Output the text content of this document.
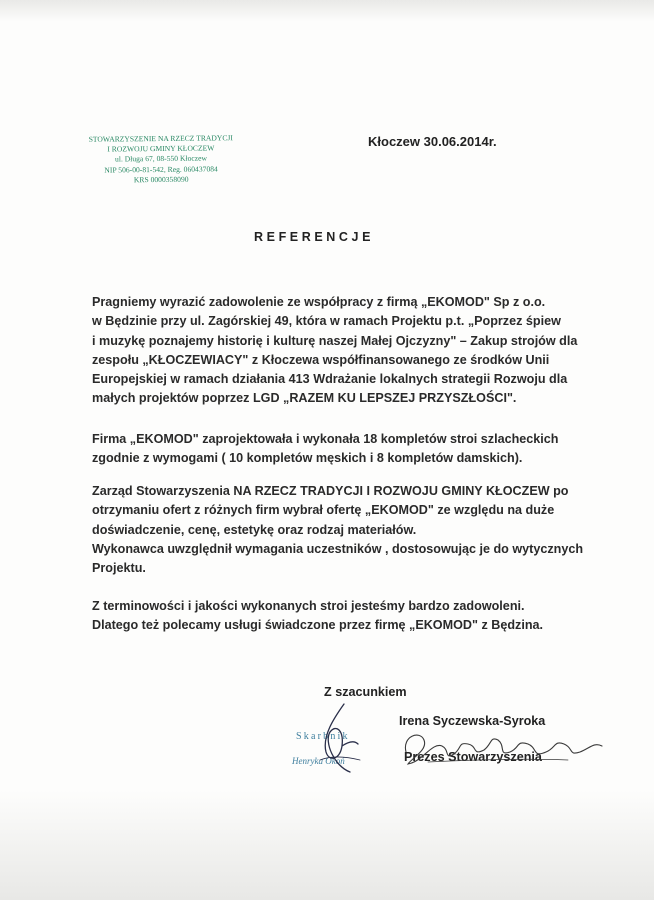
STOWARZYSZENIE NA RZECZ TRADYCJI
I ROZWOJU GMINY KŁOCZEW
ul. Długa 67, 08-550 Kłoczew
NIP 506-00-81-542, Reg. 060437084
KRS 0000358090
Kłoczew 30.06.2014r.
REFERENCJE
Pragniemy wyrazić zadowolenie ze współpracy z firmą „EKOMOD" Sp z o.o.
w Będzinie przy ul. Zagórskiej 49, która w ramach Projektu p.t. „Poprzez śpiew
i muzykę poznajemy historię i kulturę naszej Małej Ojczyzny" – Zakup strojów dla
zespołu „KŁOCZEWIACY" z Kłoczewa współfinansowanego ze środków Unii
Europejskiej w ramach działania 413 Wdrażanie lokalnych strategii Rozwoju dla
małych projektów poprzez LGD „RAZEM KU LEPSZEJ PRZYSZŁOŚCI".
Firma „EKOMOD" zaprojektowała i wykonała 18 kompletów stroi szlacheckich
zgodnie z wymogami ( 10 kompletów męskich i 8 kompletów damskich).
Zarząd Stowarzyszenia NA RZECZ TRADYCJI I ROZWOJU GMINY KŁOCZEW po
otrzymaniu ofert z różnych firm wybrał ofertę „EKOMOD" ze względu na duże
doświadczenie, cenę, estetykę oraz rodzaj materiałów.
Wykonawca uwzględnił wymagania uczestników , dostosowując je do wytycznych
Projektu.
Z terminowości i jakości wykonanych stroi jesteśmy bardzo zadowoleni.
Dlatego też polecamy usługi świadczone przez firmę „EKOMOD" z Będzina.
Z szacunkiem
Skarbnik
Henryka Okoń
Irena Syczewska-Syroka
Prezes Stowarzyszenia
